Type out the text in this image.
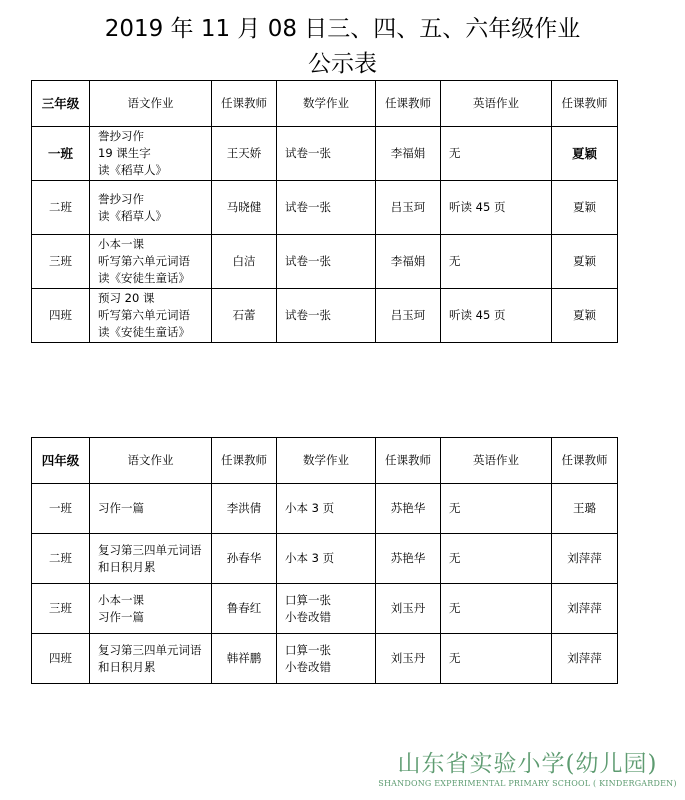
2019 年 11 月 08 日三、四、五、六年级作业
公示表
三年级	语文作业	任课教师	数学作业	任课教师	英语作业	任课教师
一班	誊抄习作
19 课生字
读《稻草人》	王天娇	试卷一张	李福娟	无	夏颖
二班	誊抄习作
读《稻草人》	马晓健	试卷一张	吕玉珂	听读 45 页	夏颖
三班	小本一课
听写第六单元词语
读《安徒生童话》	白洁	试卷一张	李福娟	无	夏颖
四班	预习 20 课
听写第六单元词语
读《安徒生童话》	石蕾	试卷一张	吕玉珂	听读 45 页	夏颖
四年级	语文作业	任课教师	数学作业	任课教师	英语作业	任课教师
一班	习作一篇	李洪倩	小本 3 页	苏艳华	无	王璐
二班	复习第三四单元词语
和日积月累	孙春华	小本 3 页	苏艳华	无	刘萍萍
三班	小本一课
习作一篇	鲁春红	口算一张
小卷改错	刘玉丹	无	刘萍萍
四班	复习第三四单元词语
和日积月累	韩祥鹏	口算一张
小卷改错	刘玉丹	无	刘萍萍
山东省实验小学(幼儿园)
SHANDONG EXPERIMENTAL PRIMARY SCHOOL ( KINDERGARDEN)
